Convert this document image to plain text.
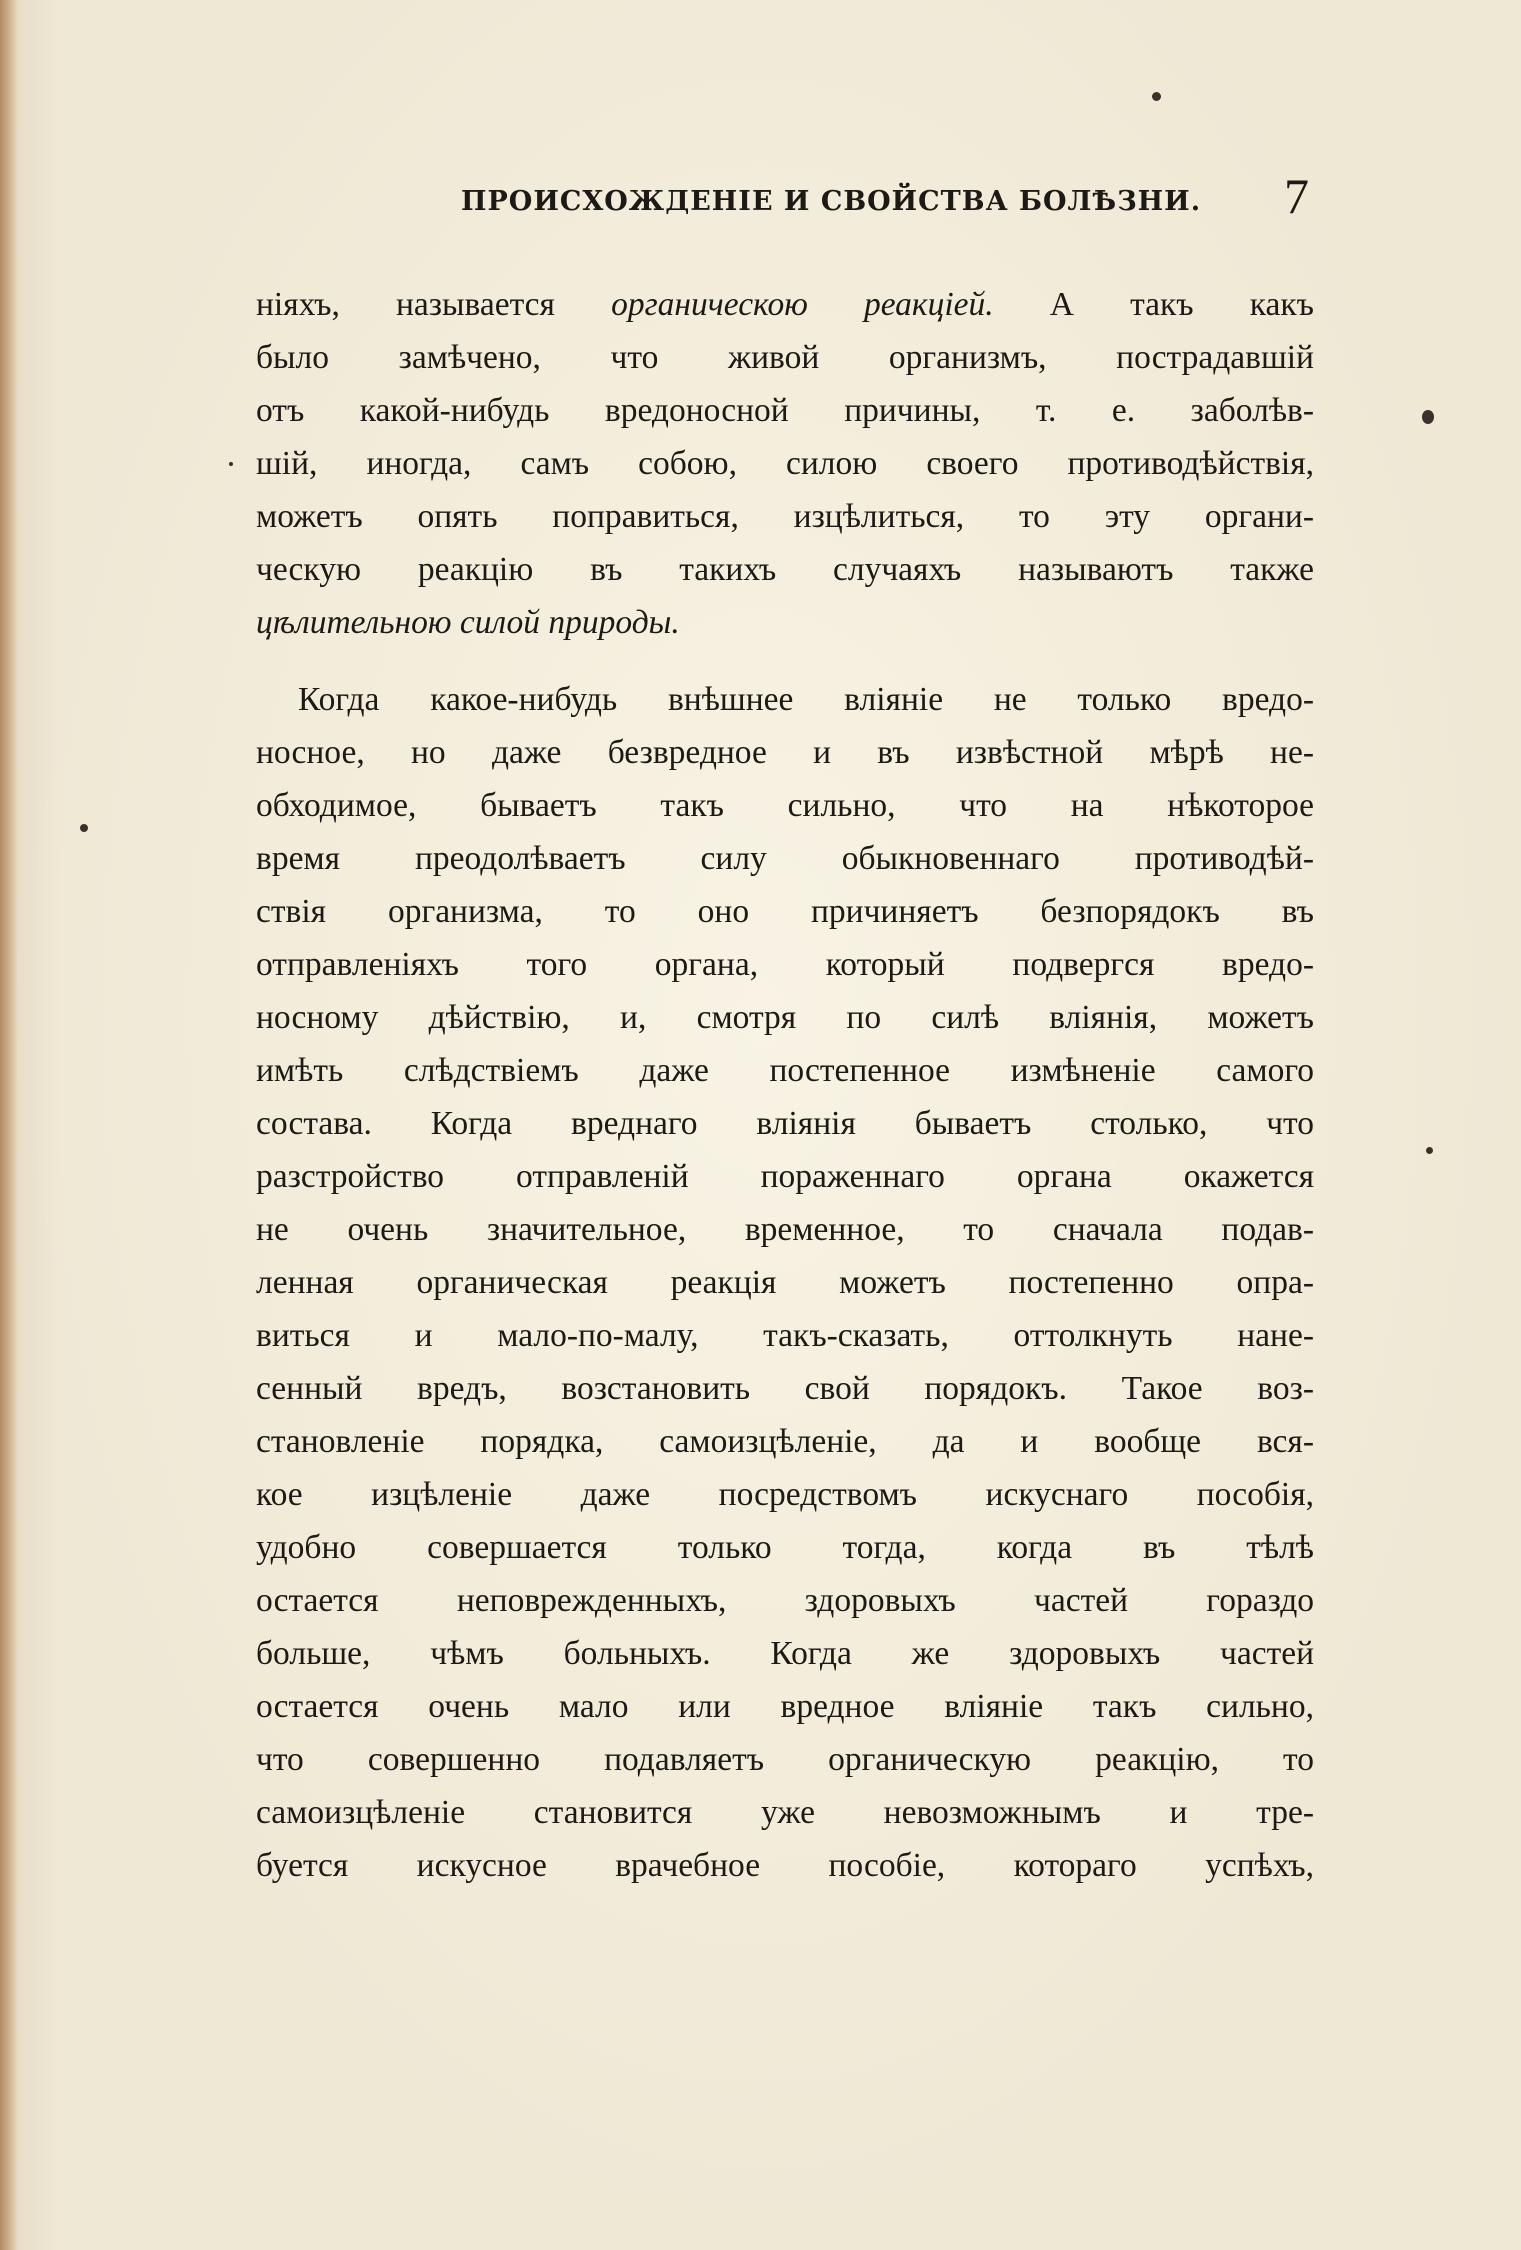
ПРОИСХОЖДЕНІЕ И СВОЙСТВА БОЛѢЗНИ. 7
ніяхъ, называется органическою реакціей. А такъ какъ
было замѣчено, что живой организмъ, пострадавшій
отъ какой-нибудь вредоносной причины, т. е. заболѣв-
шій, иногда, самъ собою, силою своего противодѣйствія,
можетъ опять поправиться, изцѣлиться, то эту органи-
ческую реакцію въ такихъ случаяхъ называютъ также
цѣлительною силой природы.
Когда какое-нибудь внѣшнее вліяніе не только вредо-
носное, но даже безвредное и въ извѣстной мѣрѣ не-
обходимое, бываетъ такъ сильно, что на нѣкоторое
время преодолѣваетъ силу обыкновеннаго противодѣй-
ствія организма, то оно причиняетъ безпорядокъ въ
отправленіяхъ того органа, который подвергся вредо-
носному дѣйствію, и, смотря по силѣ вліянія, можетъ
имѣть слѣдствіемъ даже постепенное измѣненіе самого
состава. Когда вреднаго вліянія бываетъ столько, что
разстройство отправленій пораженнаго органа окажется
не очень значительное, временное, то сначала подав-
ленная органическая реакція можетъ постепенно опра-
виться и мало-по-малу, такъ-сказать, оттолкнуть нане-
сенный вредъ, возстановить свой порядокъ. Такое воз-
становленіе порядка, самоизцѣленіе, да и вообще вся-
кое изцѣленіе даже посредствомъ искуснаго пособія,
удобно совершается только тогда, когда въ тѣлѣ
остается неповрежденныхъ, здоровыхъ частей гораздо
больше, чѣмъ больныхъ. Когда же здоровыхъ частей
остается очень мало или вредное вліяніе такъ сильно,
что совершенно подавляетъ органическую реакцію, то
самоизцѣленіе становится уже невозможнымъ и тре-
буется искусное врачебное пособіе, котораго успѣхъ,
